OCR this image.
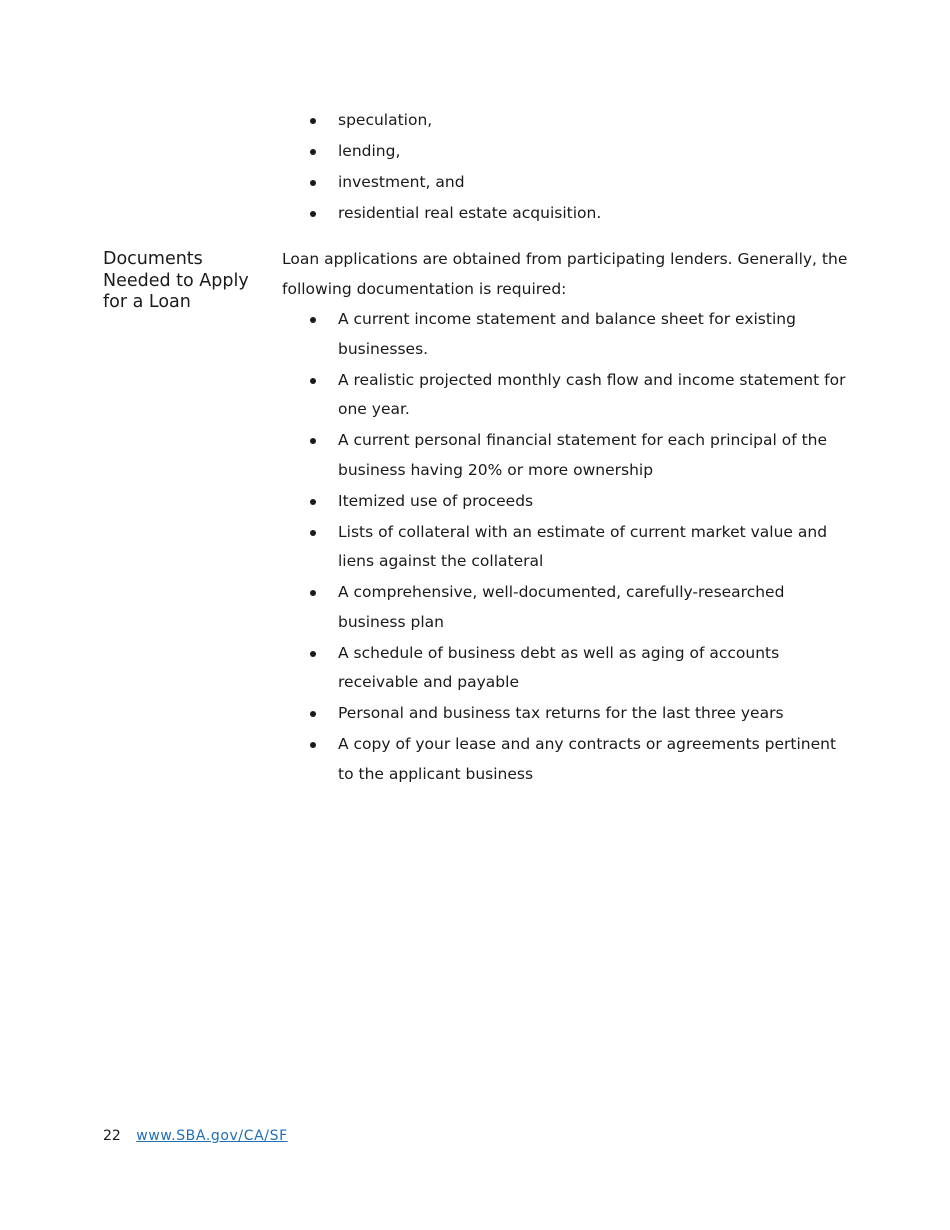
speculation,
lending,
investment, and
residential real estate acquisition.
Documents Needed to Apply for a Loan

Loan applications are obtained from participating lenders. Generally, the following documentation is required:

A current income statement and balance sheet for existing businesses.
A realistic projected monthly cash flow and income statement for one year.
A current personal financial statement for each principal of the business having 20% or more ownership
Itemized use of proceeds
Lists of collateral with an estimate of current market value and liens against the collateral
A comprehensive, well-documented, carefully-researched business plan
A schedule of business debt as well as aging of accounts receivable and payable
Personal and business tax returns for the last three years
A copy of your lease and any contracts or agreements pertinent to the applicant business
22 www.SBA.gov/CA/SF
